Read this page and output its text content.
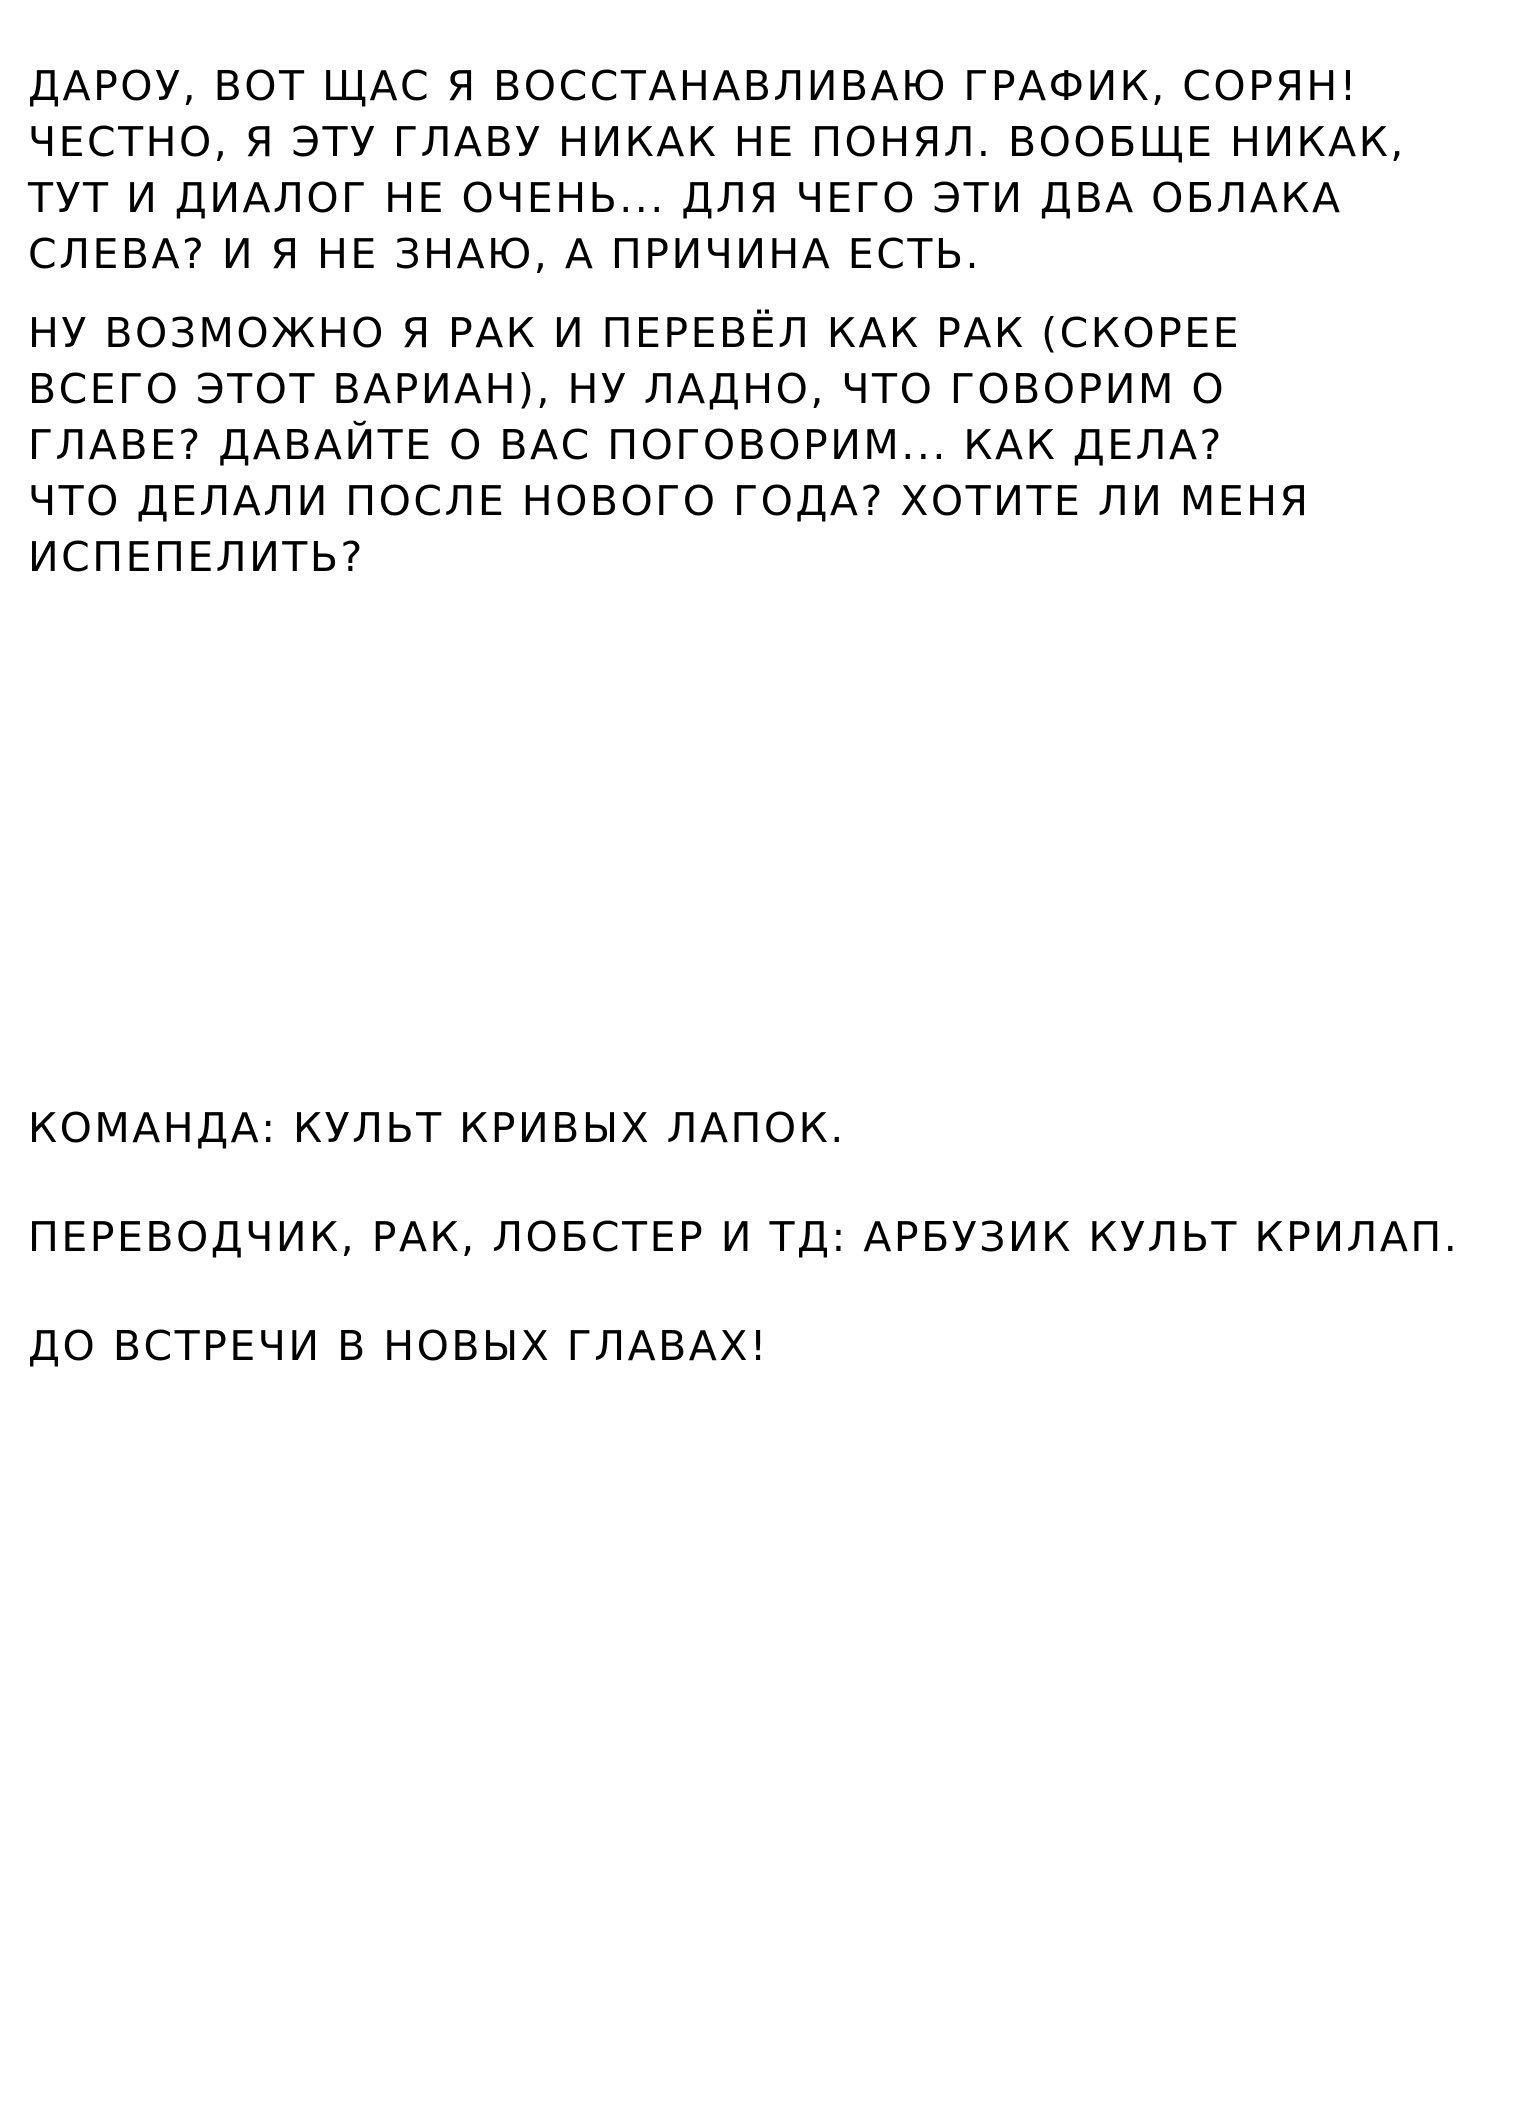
ДАРОУ, ВОТ ЩАС Я ВОССТАНАВЛИВАЮ ГРАФИК, СОРЯН!
ЧЕСТНО, Я ЭТУ ГЛАВУ НИКАК НЕ ПОНЯЛ. ВООБЩЕ НИКАК,
ТУТ И ДИАЛОГ НЕ ОЧЕНЬ... ДЛЯ ЧЕГО ЭТИ ДВА ОБЛАКА
СЛЕВА? И Я НЕ ЗНАЮ, А ПРИЧИНА ЕСТЬ.
НУ ВОЗМОЖНО Я РАК И ПЕРЕВЁЛ КАК РАК (СКОРЕЕ
ВСЕГО ЭТОТ ВАРИАН), НУ ЛАДНО, ЧТО ГОВОРИМ О
ГЛАВЕ? ДАВАЙТЕ О ВАС ПОГОВОРИМ... КАК ДЕЛА?
ЧТО ДЕЛАЛИ ПОСЛЕ НОВОГО ГОДА? ХОТИТЕ ЛИ МЕНЯ
ИСПЕПЕЛИТЬ?
КОМАНДА: КУЛЬТ КРИВЫХ ЛАПОК.
ПЕРЕВОДЧИК, РАК, ЛОБСТЕР И ТД: АРБУЗИК КУЛЬТ КРИЛАП.
ДО ВСТРЕЧИ В НОВЫХ ГЛАВАХ!
